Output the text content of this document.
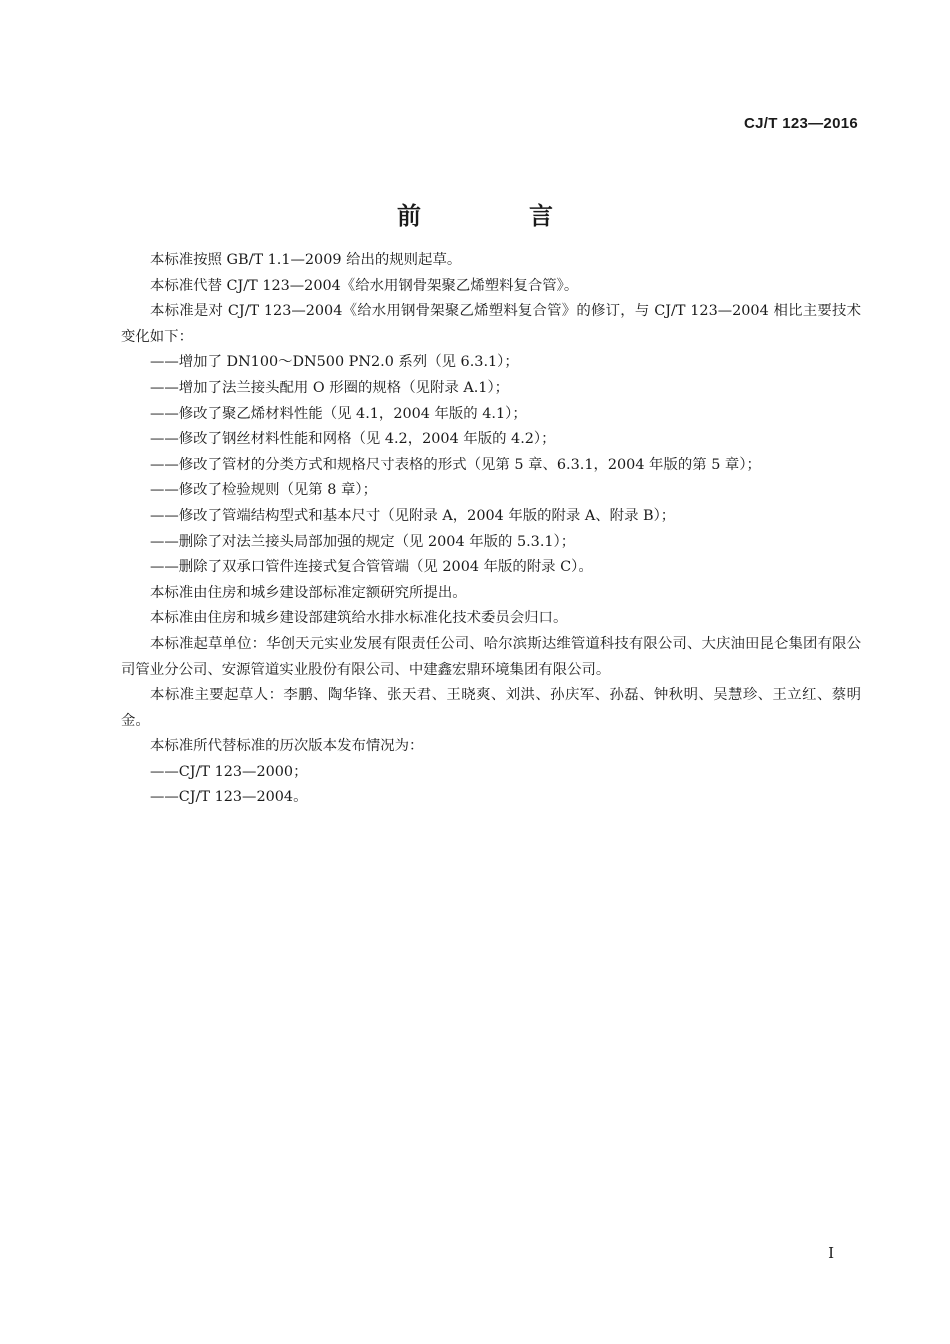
CJ/T 123—2016
前　言

本标准按照 GB/T 1.1—2009 给出的规则起草。

本标准代替 CJ/T 123—2004《给水用钢骨架聚乙烯塑料复合管》。

本标准是对 CJ/T 123—2004《给水用钢骨架聚乙烯塑料复合管》的修订，与 CJ/T 123—2004 相比主要技术变化如下：

——增加了 DN100～DN500 PN2.0 系列（见 6.3.1）；

——增加了法兰接头配用 O 形圈的规格（见附录 A.1）；

——修改了聚乙烯材料性能（见 4.1，2004 年版的 4.1）；

——修改了钢丝材料性能和网格（见 4.2，2004 年版的 4.2）；

——修改了管材的分类方式和规格尺寸表格的形式（见第 5 章、6.3.1，2004 年版的第 5 章）；

——修改了检验规则（见第 8 章）；

——修改了管端结构型式和基本尺寸（见附录 A，2004 年版的附录 A、附录 B）；

——删除了对法兰接头局部加强的规定（见 2004 年版的 5.3.1）；

——删除了双承口管件连接式复合管管端（见 2004 年版的附录 C）。

本标准由住房和城乡建设部标准定额研究所提出。

本标准由住房和城乡建设部建筑给水排水标准化技术委员会归口。

本标准起草单位：华创天元实业发展有限责任公司、哈尔滨斯达维管道科技有限公司、大庆油田昆仑集团有限公司管业分公司、安源管道实业股份有限公司、中建鑫宏鼎环境集团有限公司。

本标准主要起草人：李鹏、陶华锋、张天君、王晓爽、刘洪、孙庆军、孙磊、钟秋明、吴慧珍、王立红、蔡明金。

本标准所代替标准的历次版本发布情况为：

——CJ/T 123—2000；

——CJ/T 123—2004。

I
